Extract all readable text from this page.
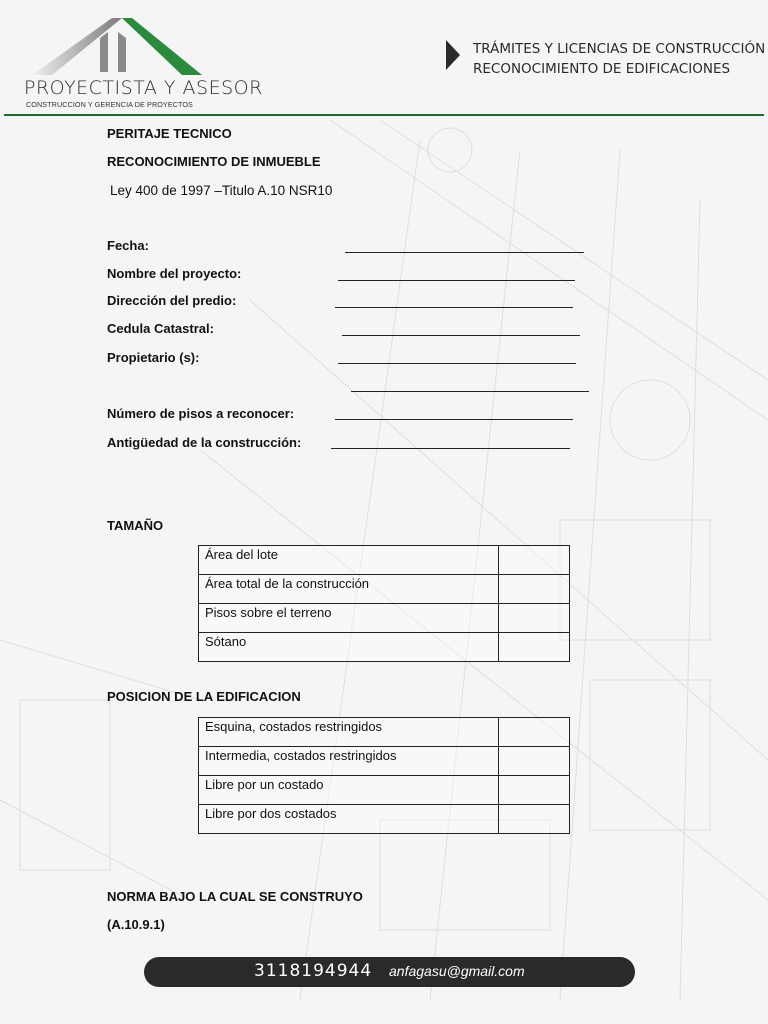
PROYECTISTA Y ASESOR
CONSTRUCCION Y GERENCIA DE PROYECTOS
TRÁMITES Y LICENCIAS DE CONSTRUCCIÓN
RECONOCIMIENTO DE EDIFICACIONES
PERITAJE TECNICO
RECONOCIMIENTO DE INMUEBLE
Ley 400 de 1997 –Titulo A.10 NSR10
Fecha:
Nombre del proyecto:
Dirección del predio:
Cedula Catastral:
Propietario (s):
Número de pisos a reconocer:
Antigüedad de la construcción:
TAMAÑO
Área del lote	
Área total de la construcción	
Pisos sobre el terreno	
Sótano	
POSICION DE LA EDIFICACION
Esquina, costados restringidos	
Intermedia, costados restringidos	
Libre por un costado	
Libre por dos costados	
NORMA BAJO LA CUAL SE CONSTRUYO
(A.10.9.1)
3118194944 anfagasu@gmail.com
